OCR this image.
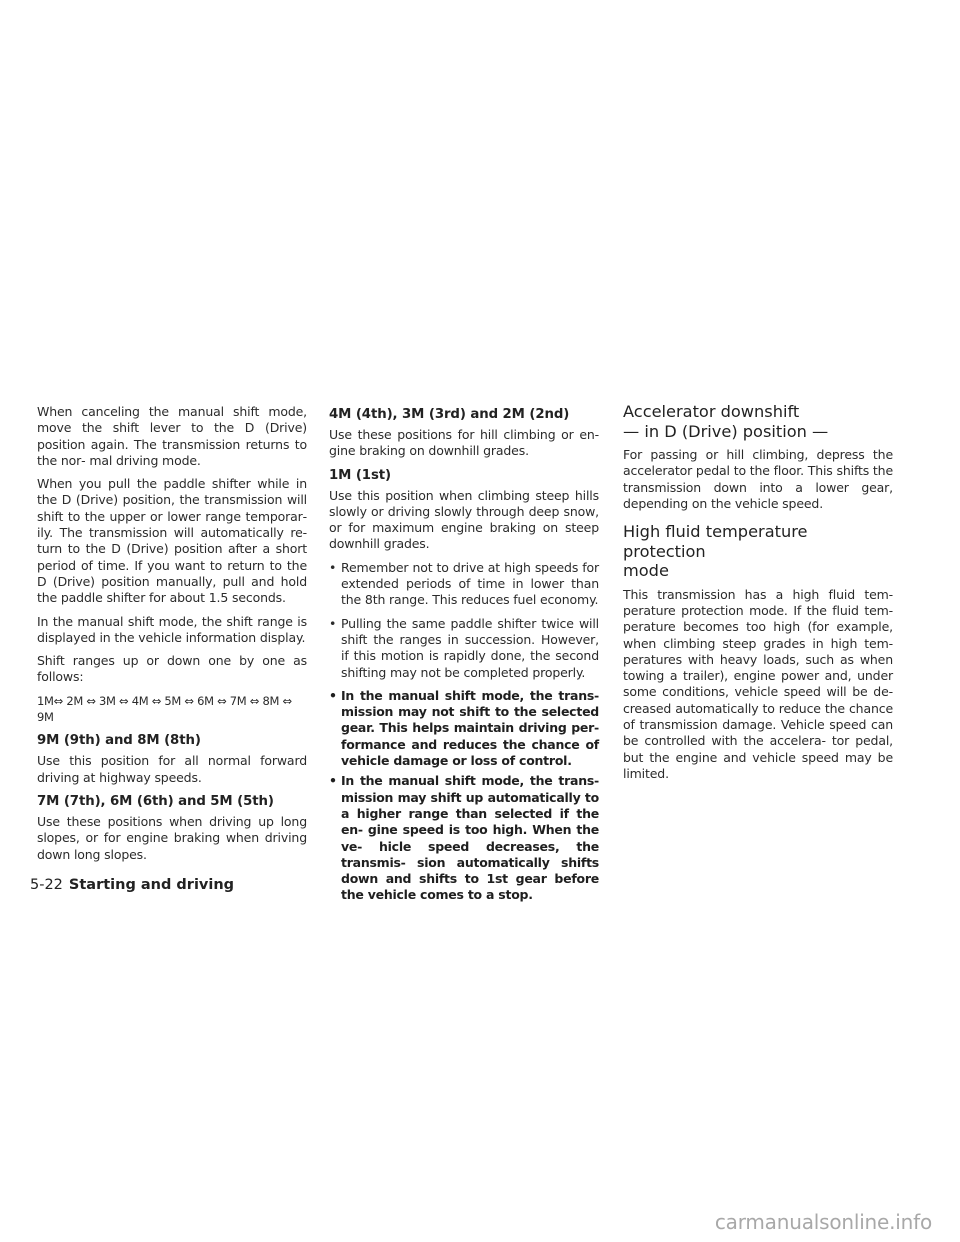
When canceling the manual shift mode, move the shift lever to the D (Drive) position again. The transmission returns to the nor‑ mal driving mode.

When you pull the paddle shifter while in the D (Drive) position, the transmission will shift to the upper or lower range temporar‑ ily. The transmission will automatically re‑ turn to the D (Drive) position after a short period of time. If you want to return to the D (Drive) position manually, pull and hold the paddle shifter for about 1.5 seconds.

In the manual shift mode, the shift range is displayed in the vehicle information display.

Shift ranges up or down one by one as follows:

1M⇔ 2M ⇔ 3M ⇔ 4M ⇔ 5M ⇔ 6M ⇔ 7M ⇔ 8M ⇔ 9M

9M (9th) and 8M (8th)

Use this position for all normal forward driving at highway speeds.

7M (7th), 6M (6th) and 5M (5th)

Use these positions when driving up long slopes, or for engine braking when driving down long slopes.

4M (4th), 3M (3rd) and 2M (2nd)

Use these positions for hill climbing or en‑ gine braking on downhill grades.

1M (1st)

Use this position when climbing steep hills slowly or driving slowly through deep snow, or for maximum engine braking on steep downhill grades.

• Remember not to drive at high speeds for extended periods of time in lower than the 8th range. This reduces fuel economy.
• Pulling the same paddle shifter twice will shift the ranges in succession. However, if this motion is rapidly done, the second shifting may not be completed properly.
• In the manual shift mode, the trans‑ mission may not shift to the selected gear. This helps maintain driving per‑ formance and reduces the chance of vehicle damage or loss of control.
• In the manual shift mode, the trans‑ mission may shift up automatically to a higher range than selected if the en‑ gine speed is too high. When the ve‑ hicle speed decreases, the transmis‑ sion automatically shifts down and shifts to 1st gear before the vehicle comes to a stop.
Accelerator downshift
— in D (Drive) position —

For passing or hill climbing, depress the accelerator pedal to the floor. This shifts the transmission down into a lower gear, depending on the vehicle speed.

High fluid temperature protection
mode

This transmission has a high fluid tem‑ perature protection mode. If the fluid tem‑ perature becomes too high (for example, when climbing steep grades in high tem‑ peratures with heavy loads, such as when towing a trailer), engine power and, under some conditions, vehicle speed will be de‑ creased automatically to reduce the chance of transmission damage. Vehicle speed can be controlled with the accelera‑ tor pedal, but the engine and vehicle speed may be limited.

5-22 Starting and driving
carmanualsonline.info
